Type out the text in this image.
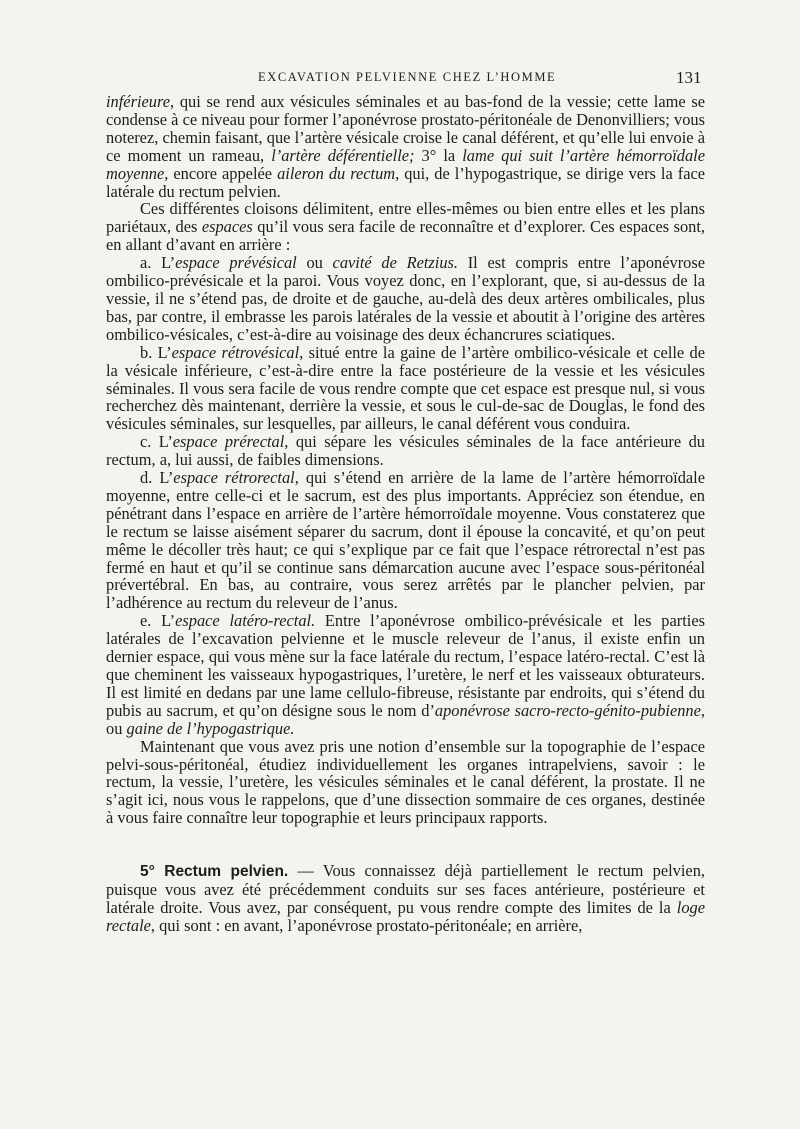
EXCAVATION PELVIENNE CHEZ L’HOMME	131

inférieure, qui se rend aux vésicules séminales et au bas-fond de la vessie; cette lame se condense à ce niveau pour former l’aponévrose prostato-péritonéale de Denonvilliers; vous noterez, chemin faisant, que l’artère vésicale croise le canal déférent, et qu’elle lui envoie à ce moment un rameau, l’artère déférentielle; 3° la lame qui suit l’artère hémorroïdale moyenne, encore appelée aileron du rectum, qui, de l’hypogastrique, se dirige vers la face latérale du rectum pelvien.

Ces différentes cloisons délimitent, entre elles-mêmes ou bien entre elles et les plans pariétaux, des espaces qu’il vous sera facile de reconnaître et d’explorer. Ces espaces sont, en allant d’avant en arrière :

a. L’espace prévésical ou cavité de Retzius. Il est compris entre l’aponévrose ombilico-prévésicale et la paroi. Vous voyez donc, en l’explorant, que, si au-dessus de la vessie, il ne s’étend pas, de droite et de gauche, au-delà des deux artères ombilicales, plus bas, par contre, il embrasse les parois latérales de la vessie et aboutit à l’origine des artères ombilico-vésicales, c’est-à-dire au voisinage des deux échancrures sciatiques.

b. L’espace rétrovésical, situé entre la gaine de l’artère ombilico-vésicale et celle de la vésicale inférieure, c’est-à-dire entre la face postérieure de la vessie et les vésicules séminales. Il vous sera facile de vous rendre compte que cet espace est presque nul, si vous recherchez dès maintenant, derrière la vessie, et sous le cul-de-sac de Douglas, le fond des vésicules séminales, sur lesquelles, par ailleurs, le canal déférent vous conduira.

c. L’espace prérectal, qui sépare les vésicules séminales de la face antérieure du rectum, a, lui aussi, de faibles dimensions.

d. L’espace rétrorectal, qui s’étend en arrière de la lame de l’artère hémorroïdale moyenne, entre celle-ci et le sacrum, est des plus importants. Appréciez son étendue, en pénétrant dans l’espace en arrière de l’artère hémorroïdale moyenne. Vous constaterez que le rectum se laisse aisément séparer du sacrum, dont il épouse la concavité, et qu’on peut même le décoller très haut; ce qui s’explique par ce fait que l’espace rétrorectal n’est pas fermé en haut et qu’il se continue sans démarcation aucune avec l’espace sous-péritonéal prévertébral. En bas, au contraire, vous serez arrêtés par le plancher pelvien, par l’adhérence au rectum du releveur de l’anus.

e. L’espace latéro-rectal. Entre l’aponévrose ombilico-prévésicale et les parties latérales de l’excavation pelvienne et le muscle releveur de l’anus, il existe enfin un dernier espace, qui vous mène sur la face latérale du rectum, l’espace latéro-rectal. C’est là que cheminent les vaisseaux hypogastriques, l’uretère, le nerf et les vaisseaux obturateurs. Il est limité en dedans par une lame cellulo-fibreuse, résistante par endroits, qui s’étend du pubis au sacrum, et qu’on désigne sous le nom d’aponévrose sacro-recto-génito-pubienne, ou gaine de l’hypogastrique.

Maintenant que vous avez pris une notion d’ensemble sur la topographie de l’espace pelvi-sous-péritonéal, étudiez individuellement les organes intrapelviens, savoir : le rectum, la vessie, l’uretère, les vésicules séminales et le canal déférent, la prostate. Il ne s’agit ici, nous vous le rappelons, que d’une dissection sommaire de ces organes, destinée à vous faire connaître leur topographie et leurs principaux rapports.

5° Rectum pelvien. — Vous connaissez déjà partiellement le rectum pelvien, puisque vous avez été précédemment conduits sur ses faces antérieure, postérieure et latérale droite. Vous avez, par conséquent, pu vous rendre compte des limites de la loge rectale, qui sont : en avant, l’aponévrose prostato-péritonéale; en arrière,
